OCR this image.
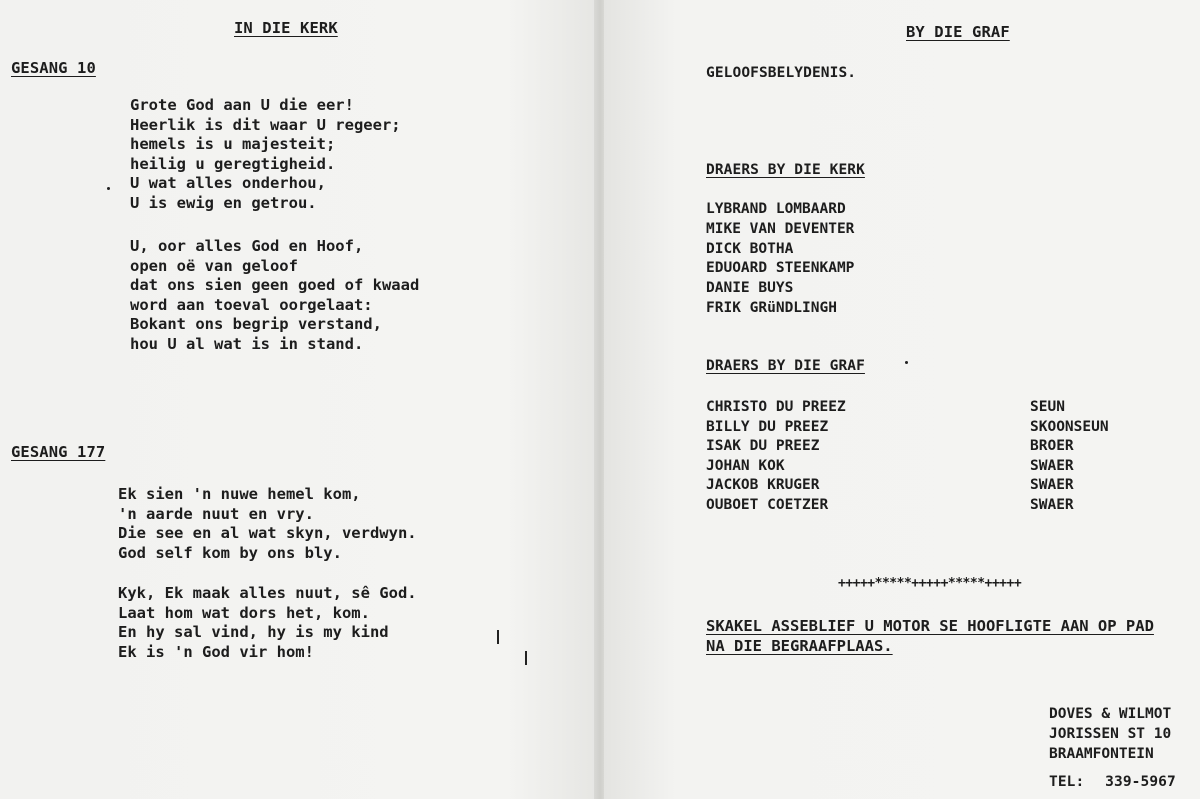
IN DIE KERK
GESANG 10
Grote God aan U die eer!
Heerlik is dit waar U regeer;
hemels is u majesteit;
heilig u geregtigheid.
U wat alles onderhou,
U is ewig en getrou.
U, oor alles God en Hoof,
open oë van geloof
dat ons sien geen goed of kwaad
word aan toeval oorgelaat:
Bokant ons begrip verstand,
hou U al wat is in stand.
GESANG 177
Ek sien 'n nuwe hemel kom,
'n aarde nuut en vry.
Die see en al wat skyn, verdwyn.
God self kom by ons bly.
Kyk, Ek maak alles nuut, sê God.
Laat hom wat dors het, kom.
En hy sal vind, hy is my kind
Ek is 'n God vir hom!
BY DIE GRAF
GELOOFSBELYDENIS.
DRAERS BY DIE KERK
LYBRAND LOMBAARD
MIKE VAN DEVENTER
DICK BOTHA
EDUOARD STEENKAMP
DANIE BUYS
FRIK GRüNDLINGH
DRAERS BY DIE GRAF
CHRISTO DU PREEZ	SEUN
BILLY DU PREEZ	SKOONSEUN
ISAK DU PREEZ	BROER
JOHAN KOK	SWAER
JACKOB KRUGER	SWAER
OUBOET COETZER	SWAER
+++++*****+++++*****+++++
SKAKEL ASSEBLIEF U MOTOR SE HOOFLIGTE AAN OP PAD
NA DIE BEGRAAFPLAAS.
DOVES & WILMOT
JORISSEN ST 10
BRAAMFONTEIN
TEL: 339-5967
